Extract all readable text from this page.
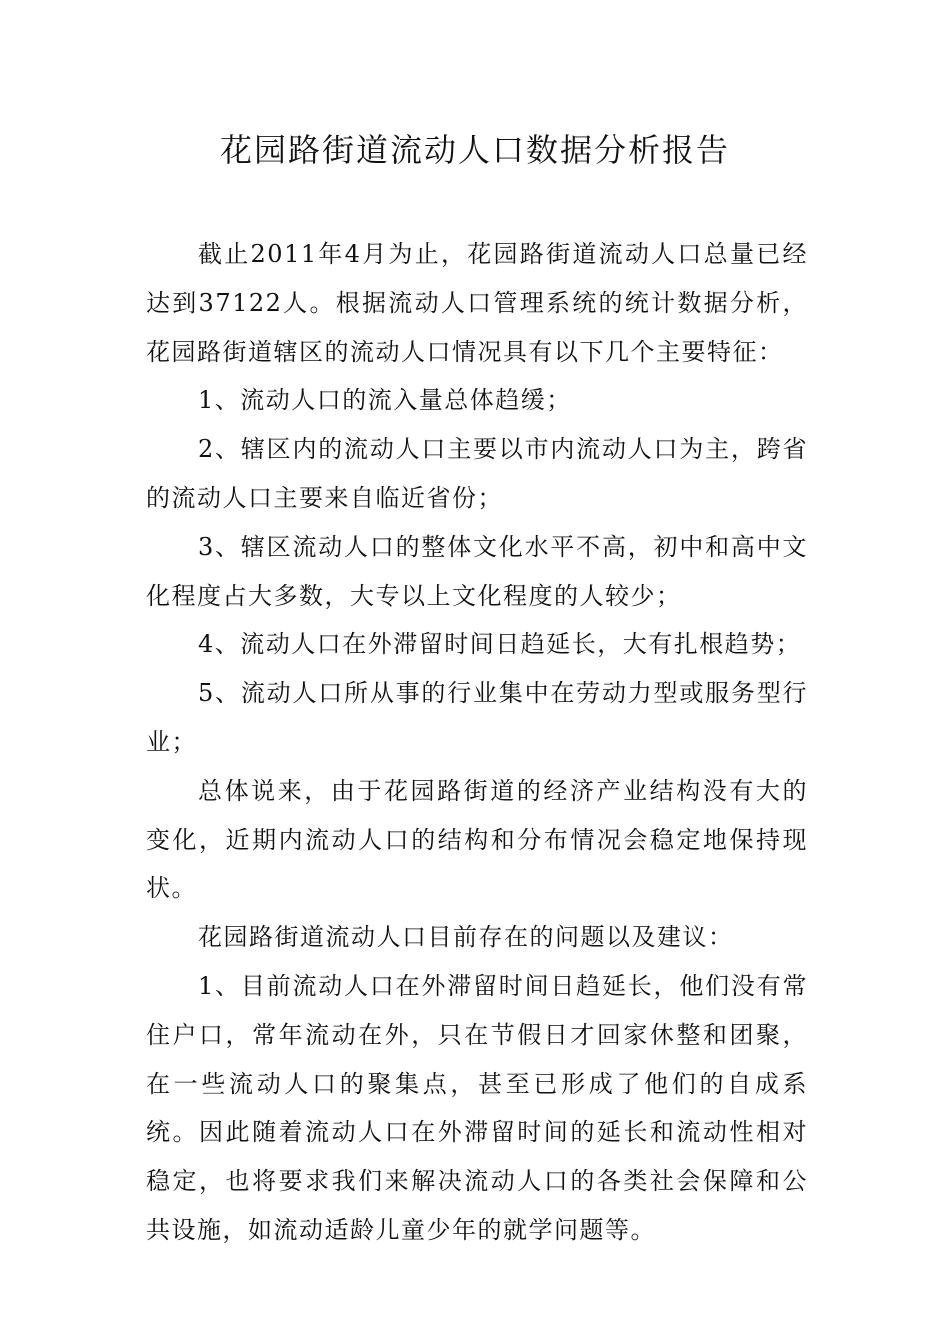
花园路街道流动人口数据分析报告

截止2011年4月为止，花园路街道流动人口总量已经达到37122人。根据流动人口管理系统的统计数据分析，花园路街道辖区的流动人口情况具有以下几个主要特征：

1、流动人口的流入量总体趋缓；

2、辖区内的流动人口主要以市内流动人口为主，跨省的流动人口主要来自临近省份；

3、辖区流动人口的整体文化水平不高，初中和高中文化程度占大多数，大专以上文化程度的人较少；

4、流动人口在外滞留时间日趋延长，大有扎根趋势；

5、流动人口所从事的行业集中在劳动力型或服务型行业；

总体说来，由于花园路街道的经济产业结构没有大的变化，近期内流动人口的结构和分布情况会稳定地保持现状。

花园路街道流动人口目前存在的问题以及建议：

1、目前流动人口在外滞留时间日趋延长，他们没有常住户口，常年流动在外，只在节假日才回家休整和团聚，在一些流动人口的聚集点，甚至已形成了他们的自成系统。因此随着流动人口在外滞留时间的延长和流动性相对稳定，也将要求我们来解决流动人口的各类社会保障和公共设施，如流动适龄儿童少年的就学问题等。
